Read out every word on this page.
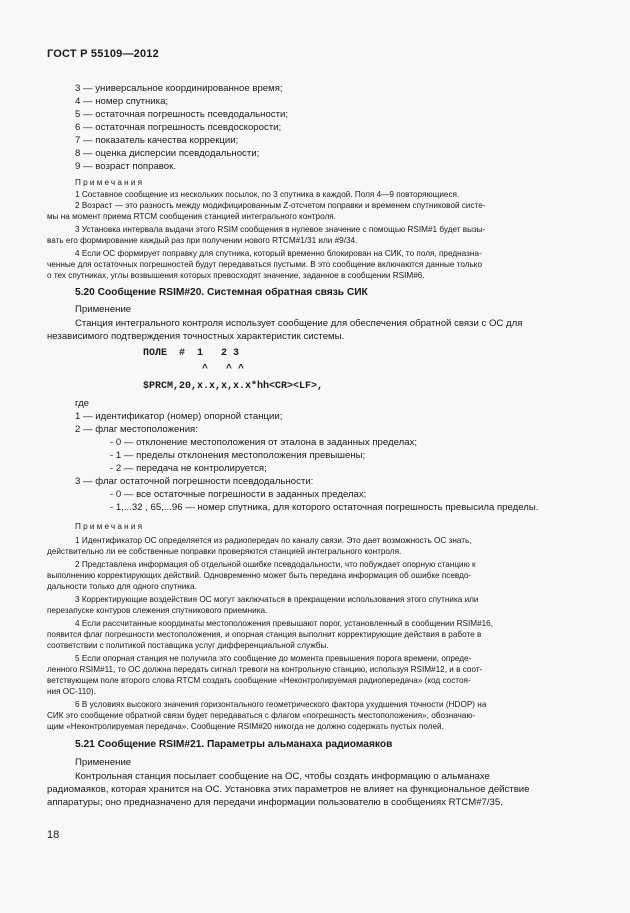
ГОСТ Р 55109—2012
3 — универсальное координированное время;
4 — номер спутника;
5 — остаточная погрешность псевдодальности;
6 — остаточная погрешность псевдоскорости;
7 — показатель качества коррекции;
8 — оценка дисперсии псевдодальности;
9 — возраст поправок.
Примечания
1 Составное сообщение из нескольких посылок, по 3 спутника в каждой. Поля 4—9 повторяющиеся.
2 Возраст — это разность между модифицированным Z-отсчетом поправки и временем спутниковой систе-
мы на момент приема RTCM сообщения станцией интегрального контроля.
3 Установка интервала выдачи этого RSIM сообщения в нулевое значение с помощью RSIM#1 будет вызы-
вать его формирование каждый раз при получении нового RTCM#1/31 или #9/34.
4 Если ОС формирует поправку для спутника, который временно блокирован на СИК, то поля, предназна-
ченные для остаточных погрешностей будут передаваться пустыми. В это сообщение включаются данные только
о тех спутниках, углы возвышения которых превосходят значение, заданное в сообщении RSIM#6.
5.20 Сообщение RSIM#20. Системная обратная связь СИК
Применение
Станция интегрального контроля использует сообщение для обеспечения обратной связи с ОС для
независимого подтверждения точностных характеристик системы.
ПОЛЕ  #  1   2 3
^   ^ ^
$PRCM,20,x.x,x,x.x*hh<CR><LF>,
где
1 — идентификатор (номер) опорной станции;
2 — флаг местоположения:
- 0 — отклонение местоположения от эталона в заданных пределах;
- 1 — пределы отклонения местоположения превышены;
- 2 — передача не контролируется;
3 — флаг остаточной погрешности псевдодальности:
- 0 — все остаточные погрешности в заданных пределах;
- 1,...32 , 65,...96 — номер спутника, для которого остаточная погрешность превысила пределы.
Примечания
1 Идентификатор ОС определяется из радиопередач по каналу связи. Это дает возможность ОС знать,
действительно ли ее собственные поправки проверяются станцией интегрального контроля.
2 Представлена информация об отдельной ошибке псевдодальности, что побуждает опорную станцию к
выполнению корректирующих действий. Одновременно может быть передана информация об ошибке псевдо-
дальности только для одного спутника.
3 Корректирующие воздействия ОС могут заключаться в прекращении использования этого спутника или
перезапуске контуров слежения спутникового приемника.
4 Если рассчитанные координаты местоположения превышают порог, установленный в сообщении RSIM#16,
появится флаг погрешности местоположения, и опорная станция выполнит корректирующие действия в работе в
соответствии с политикой поставщика услуг дифференциальной службы.
5 Если опорная станция не получила это сообщение до момента превышения порога времени, опреде-
ленного RSIM#11, то ОС должна передать сигнал тревоги на контрольную станцию, используя RSIM#12, и в соот-
ветствующем поле второго слова RTCM создать сообщение «Неконтролируемая радиопередача» (код состоя-
ния ОС-110).
6 В условиях высокого значения горизонтального геометрического фактора ухудшения точности (HDOP) на
СИК это сообщение обратной связи будет передаваться с флагом «погрешность местоположения», обозначаю-
щим «Неконтролируемая передача». Сообщение RSIM#20 никогда не должно содержать пустых полей.
5.21 Сообщение RSIM#21. Параметры альманаха радиомаяков
Применение
Контрольная станция посылает сообщение на ОС, чтобы создать информацию о альманахе
радиомаяков, которая хранится на ОС. Установка этих параметров не влияет на функциональное действие
аппаратуры; оно предназначено для передачи информации пользователю в сообщениях RTCM#7/35.
18
